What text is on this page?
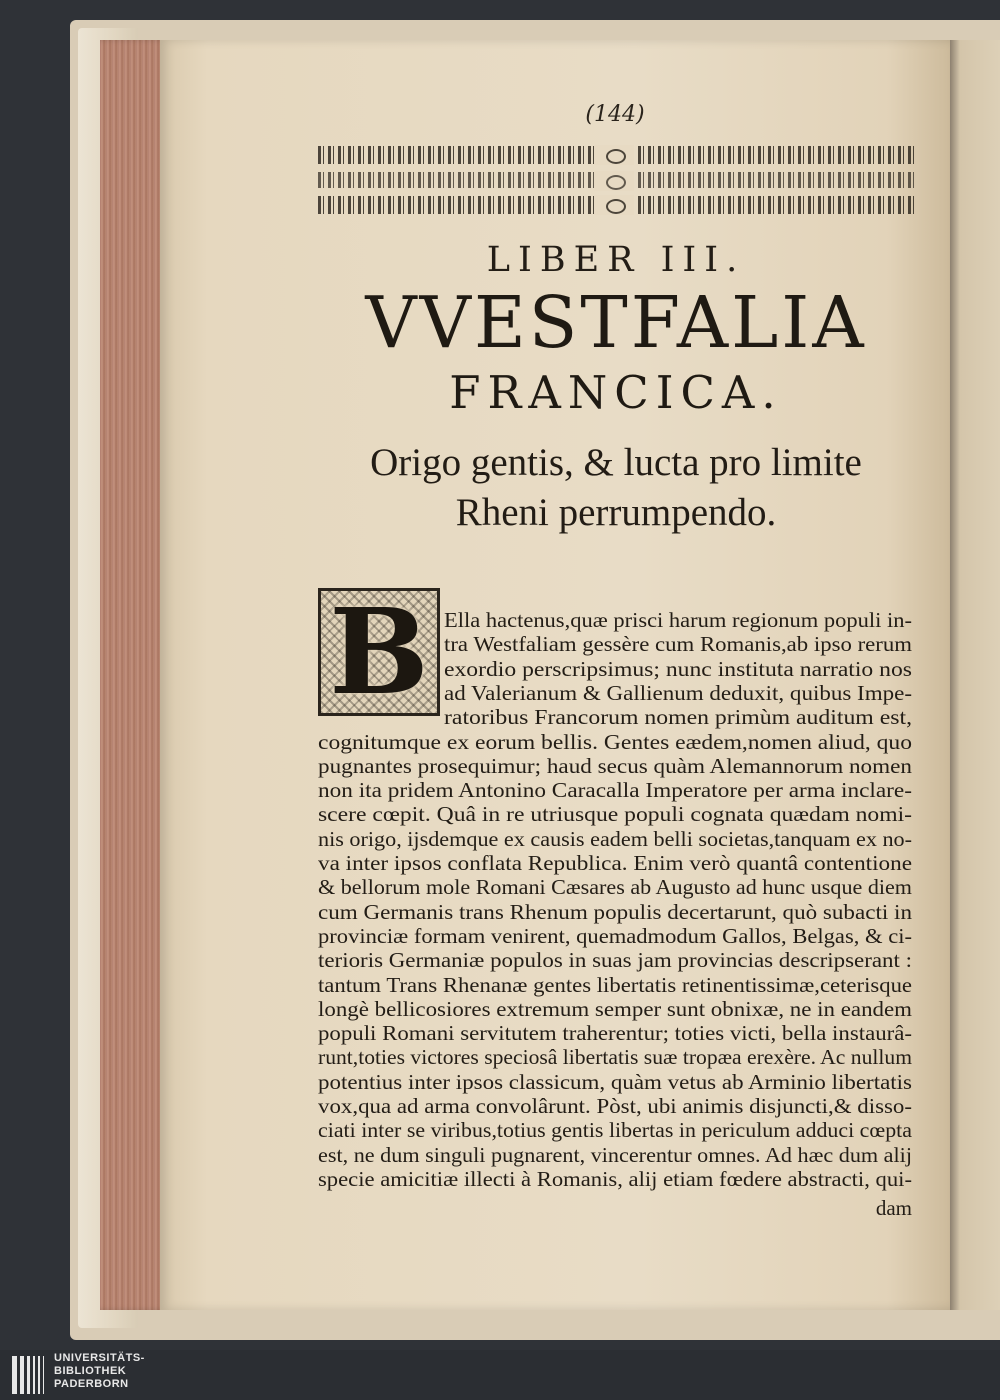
(144)
LIBER III.
VVESTFALIA
FRANCICA.
Origo gentis, & lucta pro limite
Rheni perrumpendo.
B Ella hactenus,quæ prisci harum regionum populi in-
tra Westfaliam gessère cum Romanis,ab ipso rerum
exordio perscripsimus; nunc instituta narratio nos
ad Valerianum & Gallienum deduxit, quibus Impe-
ratoribus Francorum nomen primùm auditum est,
cognitumque ex eorum bellis. Gentes eædem,nomen aliud, quo
pugnantes prosequimur; haud secus quàm Alemannorum nomen
non ita pridem Antonino Caracalla Imperatore per arma inclare-
scere cœpit. Quâ in re utriusque populi cognata quædam nomi-
nis origo, ijsdemque ex causis eadem belli societas,tanquam ex no-
va inter ipsos conflata Republica. Enim verò quantâ contentione
& bellorum mole Romani Cæsares ab Augusto ad hunc usque diem
cum Germanis trans Rhenum populis decertarunt, quò subacti in
provinciæ formam venirent, quemadmodum Gallos, Belgas, & ci-
terioris Germaniæ populos in suas jam provincias descripserant :
tantum Trans Rhenanæ gentes libertatis retinentissimæ,ceterisque
longè bellicosiores extremum semper sunt obnixæ, ne in eandem
populi Romani servitutem traherentur; toties victi, bella instaurâ-
runt,toties victores speciosâ libertatis suæ tropæa erexère. Ac nullum
potentius inter ipsos classicum, quàm vetus ab Arminio libertatis
vox,qua ad arma convolârunt. Pòst, ubi animis disjuncti,& disso-
ciati inter se viribus,totius gentis libertas in periculum adduci cœpta
est, ne dum singuli pugnarent, vincerentur omnes. Ad hæc dum alij
specie amicitiæ illecti à Romanis, alij etiam fœdere abstracti, qui-
dam
UNIVERSITÄTS-
BIBLIOTHEK
PADERBORN
